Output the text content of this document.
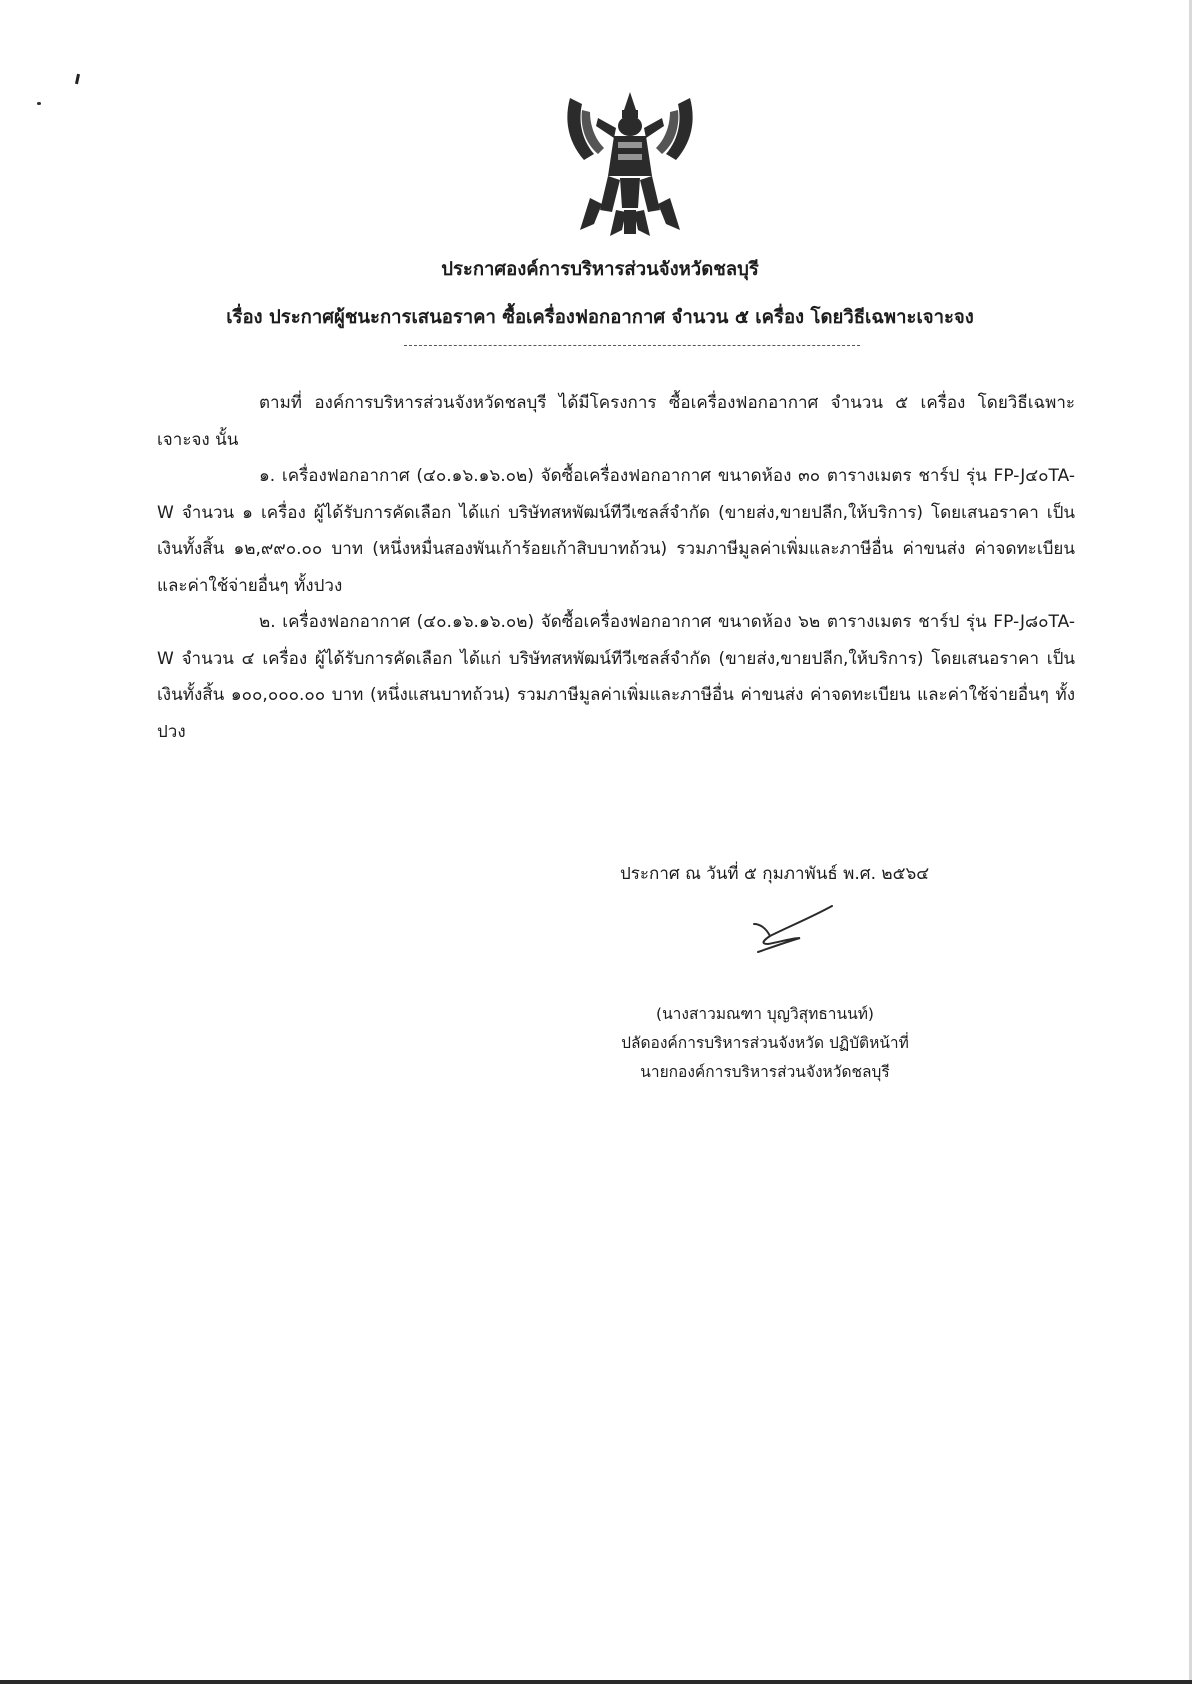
ประกาศองค์การบริหารส่วนจังหวัดชลบุรี
เรื่อง ประกาศผู้ชนะการเสนอราคา ซื้อเครื่องฟอกอากาศ จำนวน ๕ เครื่อง โดยวิธีเฉพาะเจาะจง

ตามที่ องค์การบริหารส่วนจังหวัดชลบุรี ได้มีโครงการ ซื้อเครื่องฟอกอากาศ จำนวน ๕ เครื่อง โดยวิธีเฉพาะเจาะจง นั้น

๑. เครื่องฟอกอากาศ (๔๐.๑๖.๑๖.๐๒) จัดซื้อเครื่องฟอกอากาศ ขนาดห้อง ๓๐ ตารางเมตร ชาร์ป รุ่น FP-J๔๐TA-W จำนวน ๑ เครื่อง ผู้ได้รับการคัดเลือก ได้แก่ บริษัทสหพัฒน์ทีวีเซลส์จำกัด (ขายส่ง,ขายปลีก,ให้บริการ) โดยเสนอราคา เป็นเงินทั้งสิ้น ๑๒,๙๙๐.๐๐ บาท (หนึ่งหมื่นสองพันเก้าร้อยเก้าสิบบาทถ้วน) รวมภาษีมูลค่าเพิ่มและภาษีอื่น ค่าขนส่ง ค่าจดทะเบียน และค่าใช้จ่ายอื่นๆ ทั้งปวง

๒. เครื่องฟอกอากาศ (๔๐.๑๖.๑๖.๐๒) จัดซื้อเครื่องฟอกอากาศ ขนาดห้อง ๖๒ ตารางเมตร ชาร์ป รุ่น FP-J๘๐TA-W จำนวน ๔ เครื่อง ผู้ได้รับการคัดเลือก ได้แก่ บริษัทสหพัฒน์ทีวีเซลส์จำกัด (ขายส่ง,ขายปลีก,ให้บริการ) โดยเสนอราคา เป็นเงินทั้งสิ้น ๑๐๐,๐๐๐.๐๐ บาท (หนึ่งแสนบาทถ้วน) รวมภาษีมูลค่าเพิ่มและภาษีอื่น ค่าขนส่ง ค่าจดทะเบียน และค่าใช้จ่ายอื่นๆ ทั้งปวง

ประกาศ ณ วันที่ ๕ กุมภาพันธ์ พ.ศ. ๒๕๖๔
(นางสาวมณฑา บุญวิสุทธานนท์)
ปลัดองค์การบริหารส่วนจังหวัด ปฏิบัติหน้าที่
นายกองค์การบริหารส่วนจังหวัดชลบุรี
